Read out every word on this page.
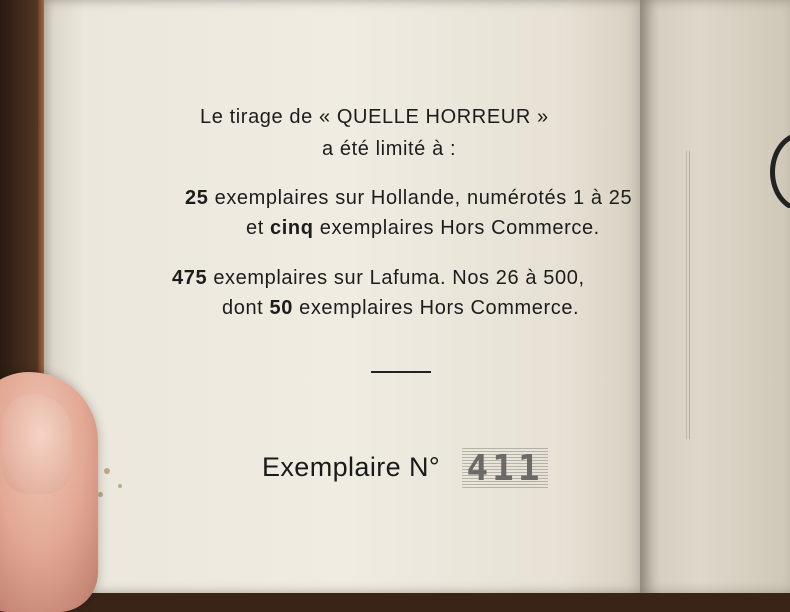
Le tirage de « QUELLE HORREUR »

a été limité à :

25 exemplaires sur Hollande, numérotés 1 à 25

et cinq exemplaires Hors Commerce.

475 exemplaires sur Lafuma. Nos 26 à 500,

dont 50 exemplaires Hors Commerce.

Exemplaire N° 411
